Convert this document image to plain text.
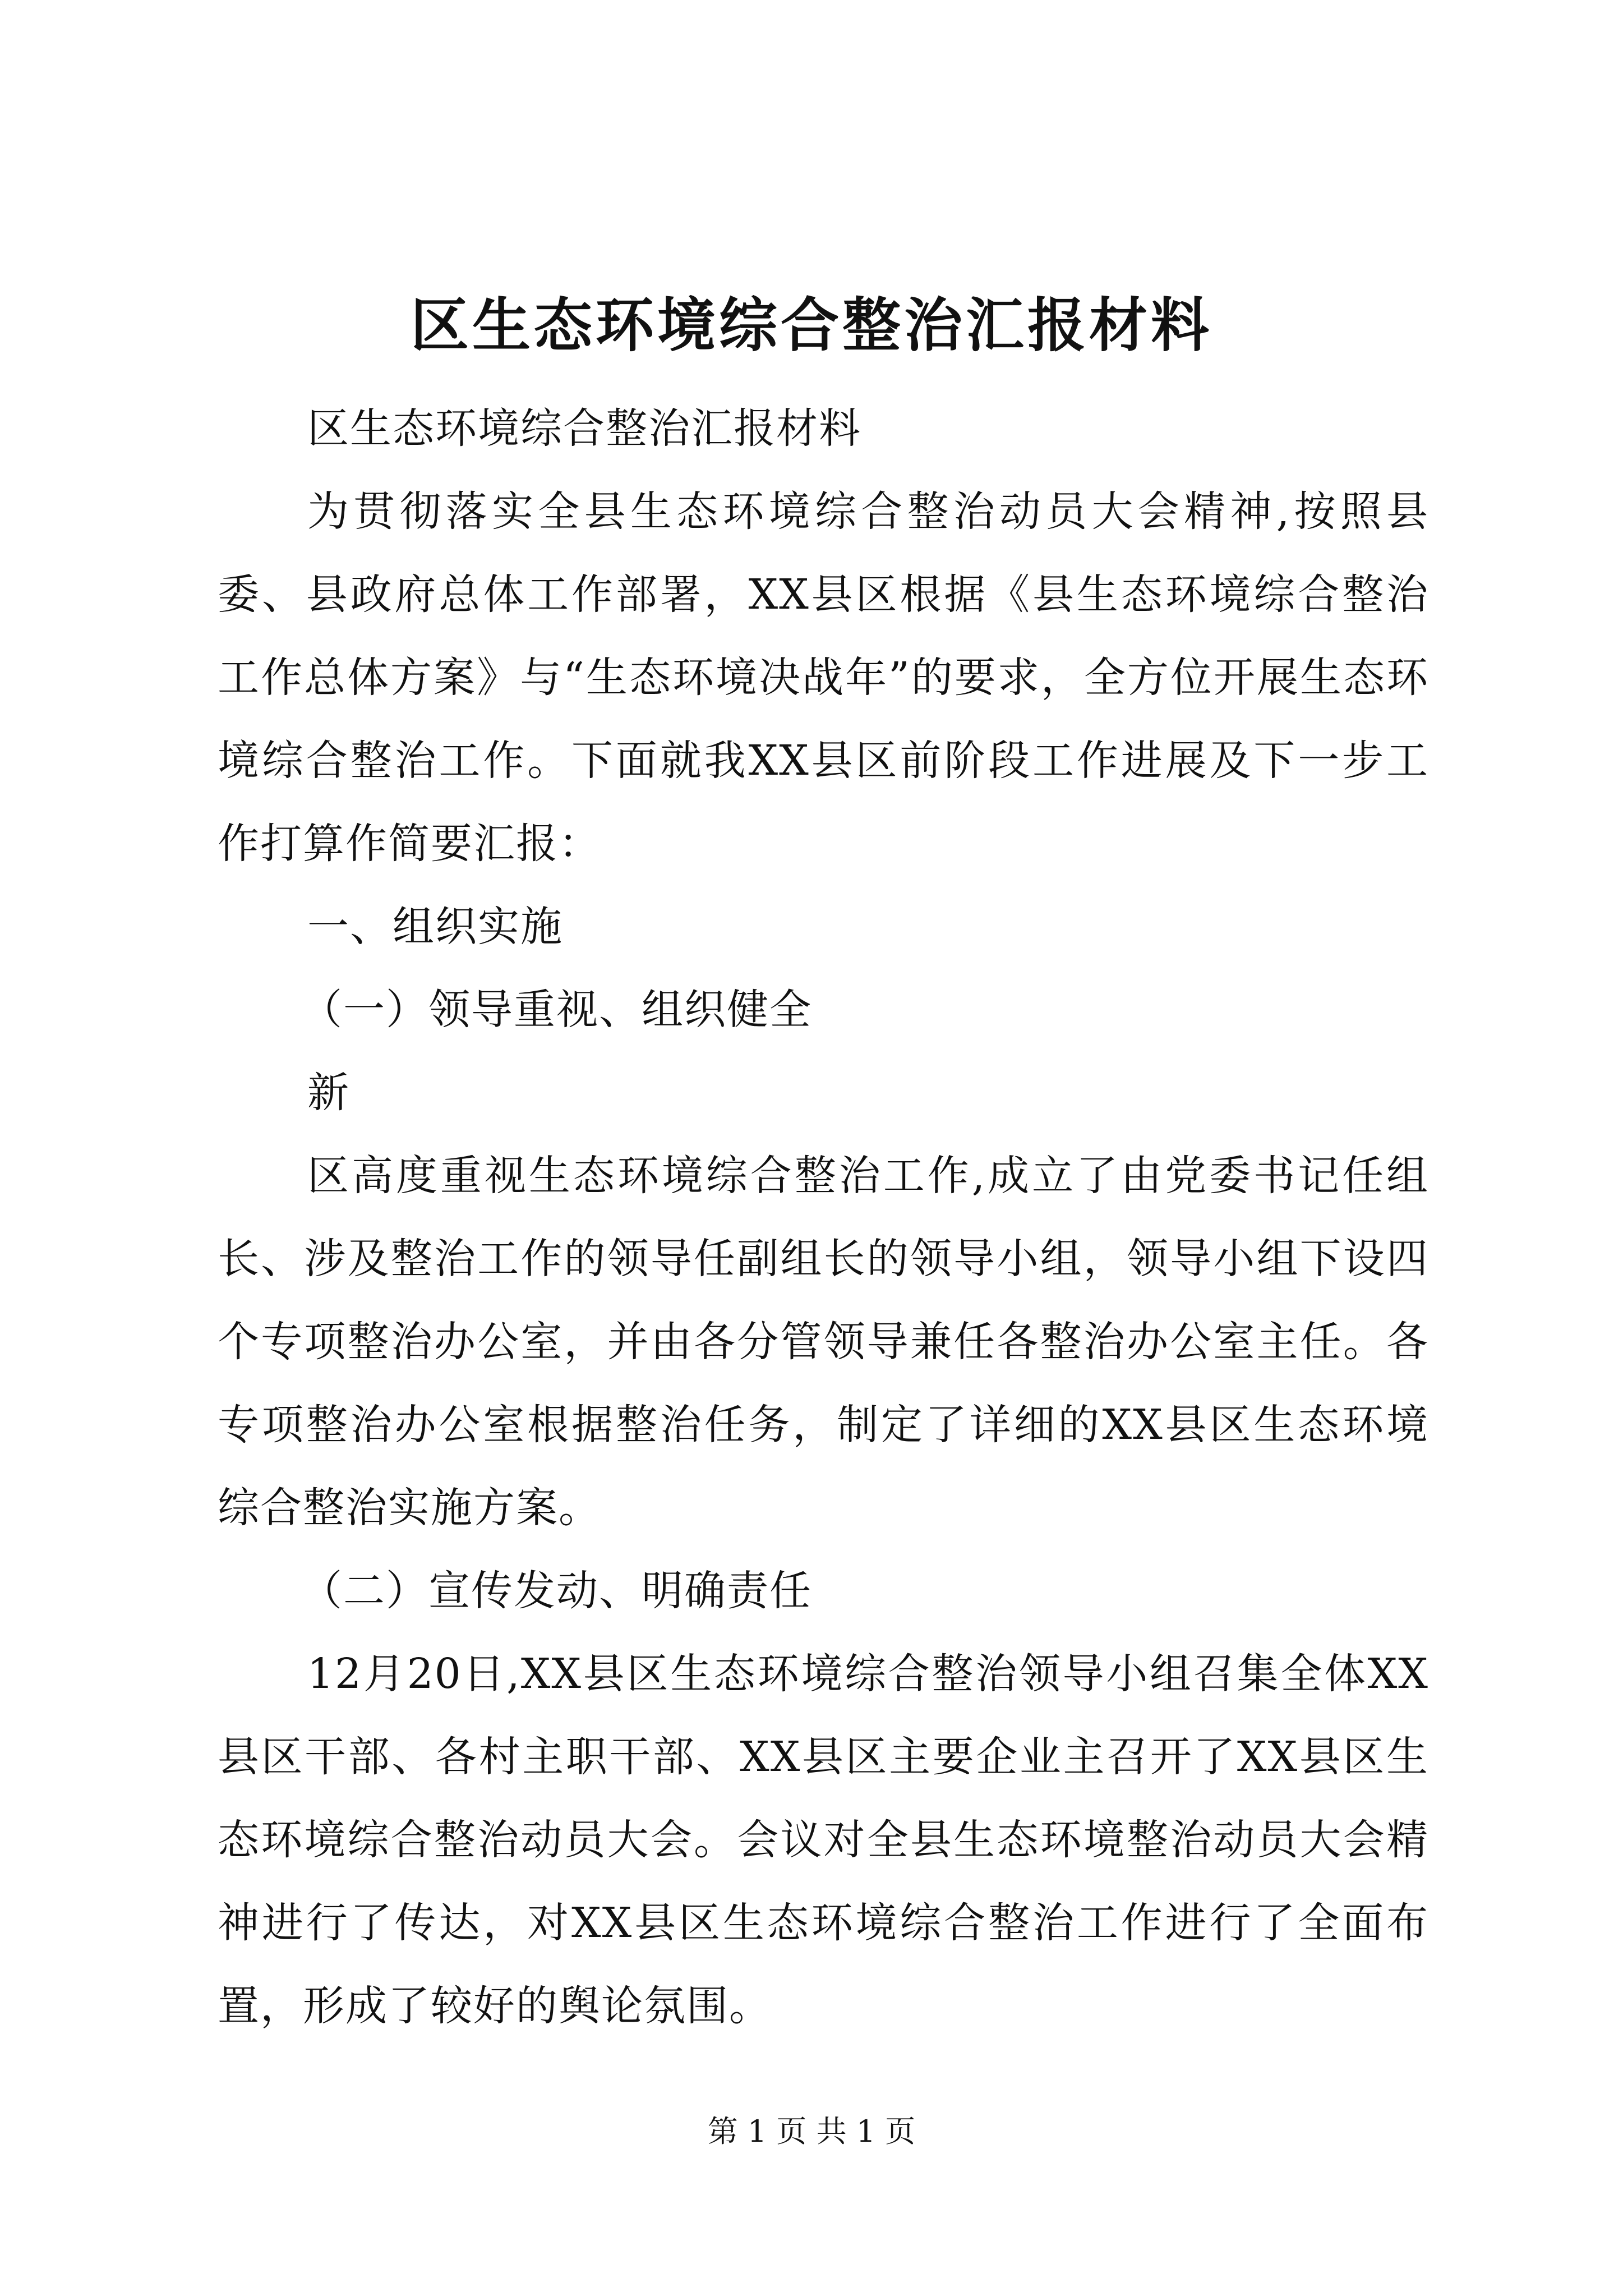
区生态环境综合整治汇报材料

区生态环境综合整治汇报材料

为贯彻落实全县生态环境综合整治动员大会精神,按照县委、县政府总体工作部署，XX县区根据《县生态环境综合整治工作总体方案》与“生态环境决战年”的要求，全方位开展生态环境综合整治工作。下面就我XX县区前阶段工作进展及下一步工作打算作简要汇报：

一、组织实施

（一）领导重视、组织健全

新

区高度重视生态环境综合整治工作,成立了由党委书记任组长、涉及整治工作的领导任副组长的领导小组，领导小组下设四个专项整治办公室，并由各分管领导兼任各整治办公室主任。各专项整治办公室根据整治任务，制定了详细的XX县区生态环境综合整治实施方案。

（二）宣传发动、明确责任

12月20日,XX县区生态环境综合整治领导小组召集全体XX县区干部、各村主职干部、XX县区主要企业主召开了XX县区生态环境综合整治动员大会。会议对全县生态环境整治动员大会精神进行了传达，对XX县区生态环境综合整治工作进行了全面布置，形成了较好的舆论氛围。

第 1 页 共 1 页
